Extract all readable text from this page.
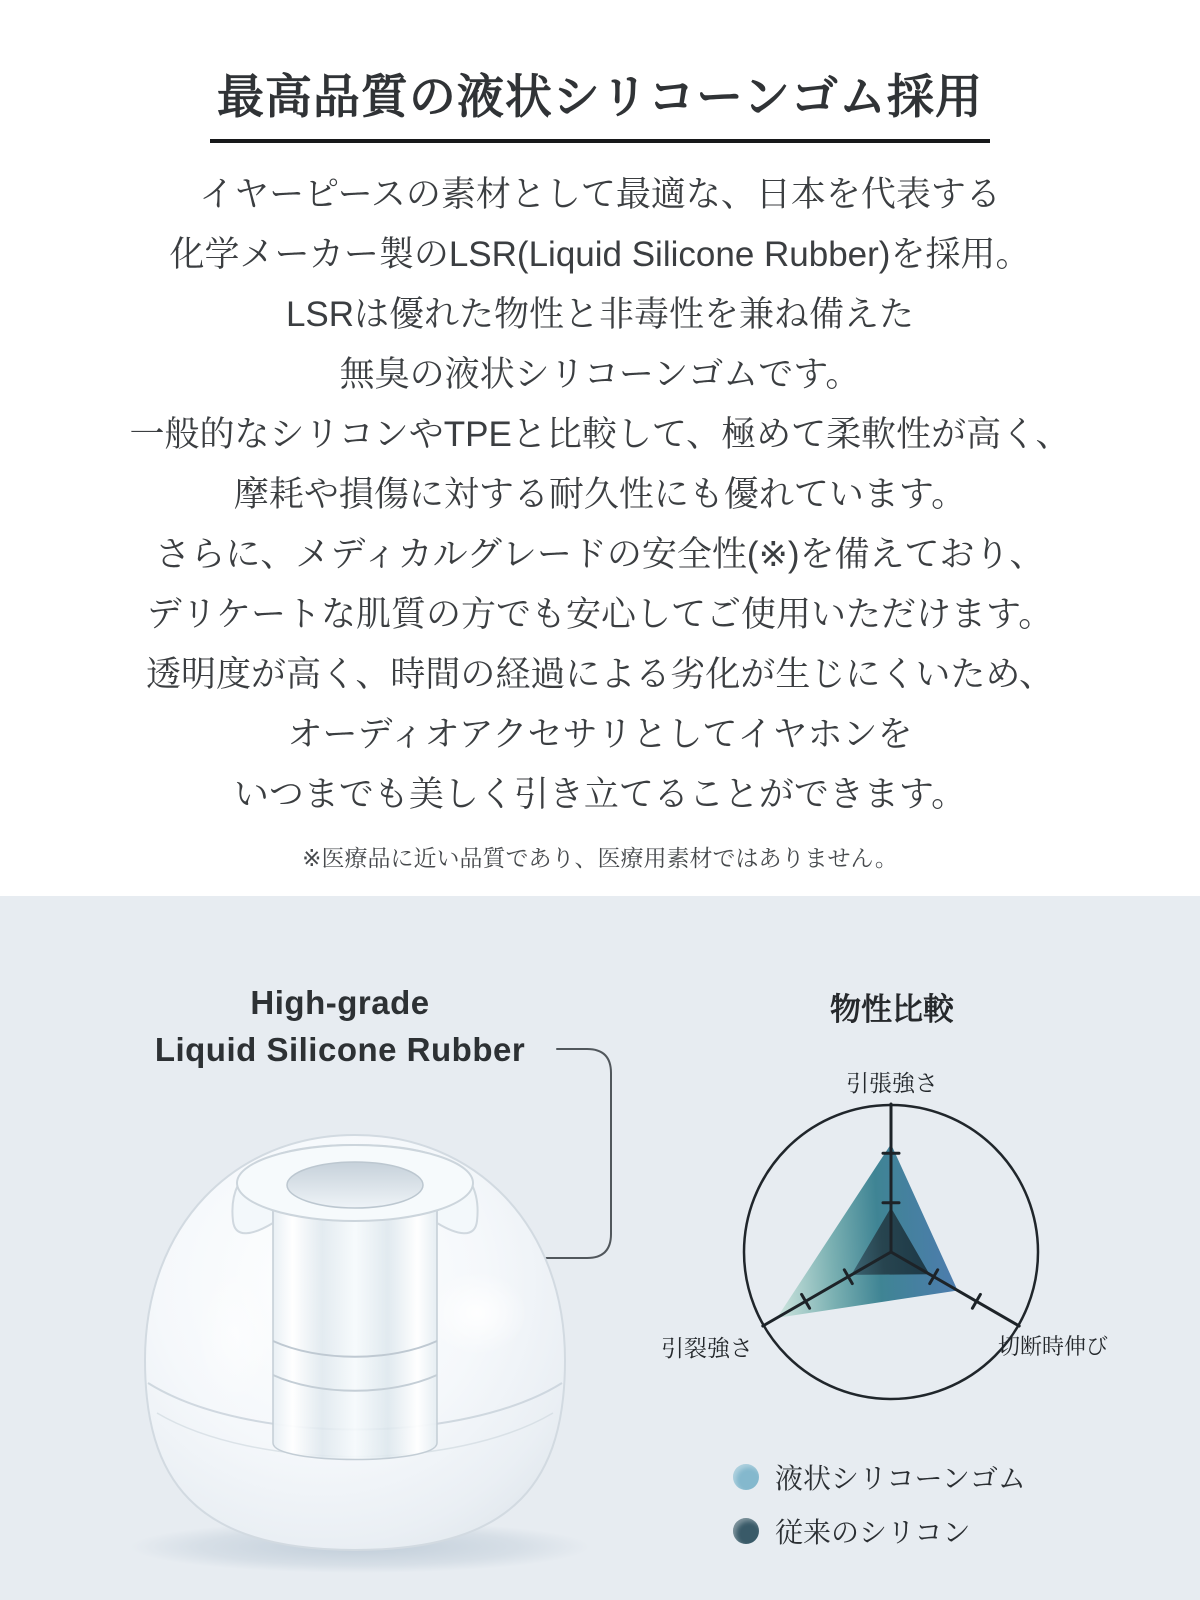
最高品質の液状シリコーンゴム採用
イヤーピースの素材として最適な、日本を代表する
化学メーカー製のLSR(Liquid Silicone Rubber)を採用。
LSRは優れた物性と非毒性を兼ね備えた
無臭の液状シリコーンゴムです。
一般的なシリコンやTPEと比較して、極めて柔軟性が高く、
摩耗や損傷に対する耐久性にも優れています。
さらに、メディカルグレードの安全性(※)を備えており、
デリケートな肌質の方でも安心してご使用いただけます。
透明度が高く、時間の経過による劣化が生じにくいため、
オーディオアクセサリとしてイヤホンを
いつまでも美しく引き立てることができます。
※医療品に近い品質であり、医療用素材ではありません。
High-grade
Liquid Silicone Rubber
物性比較
引張強さ
切断時伸び
引裂強さ
液状シリコーンゴム
従来のシリコン
